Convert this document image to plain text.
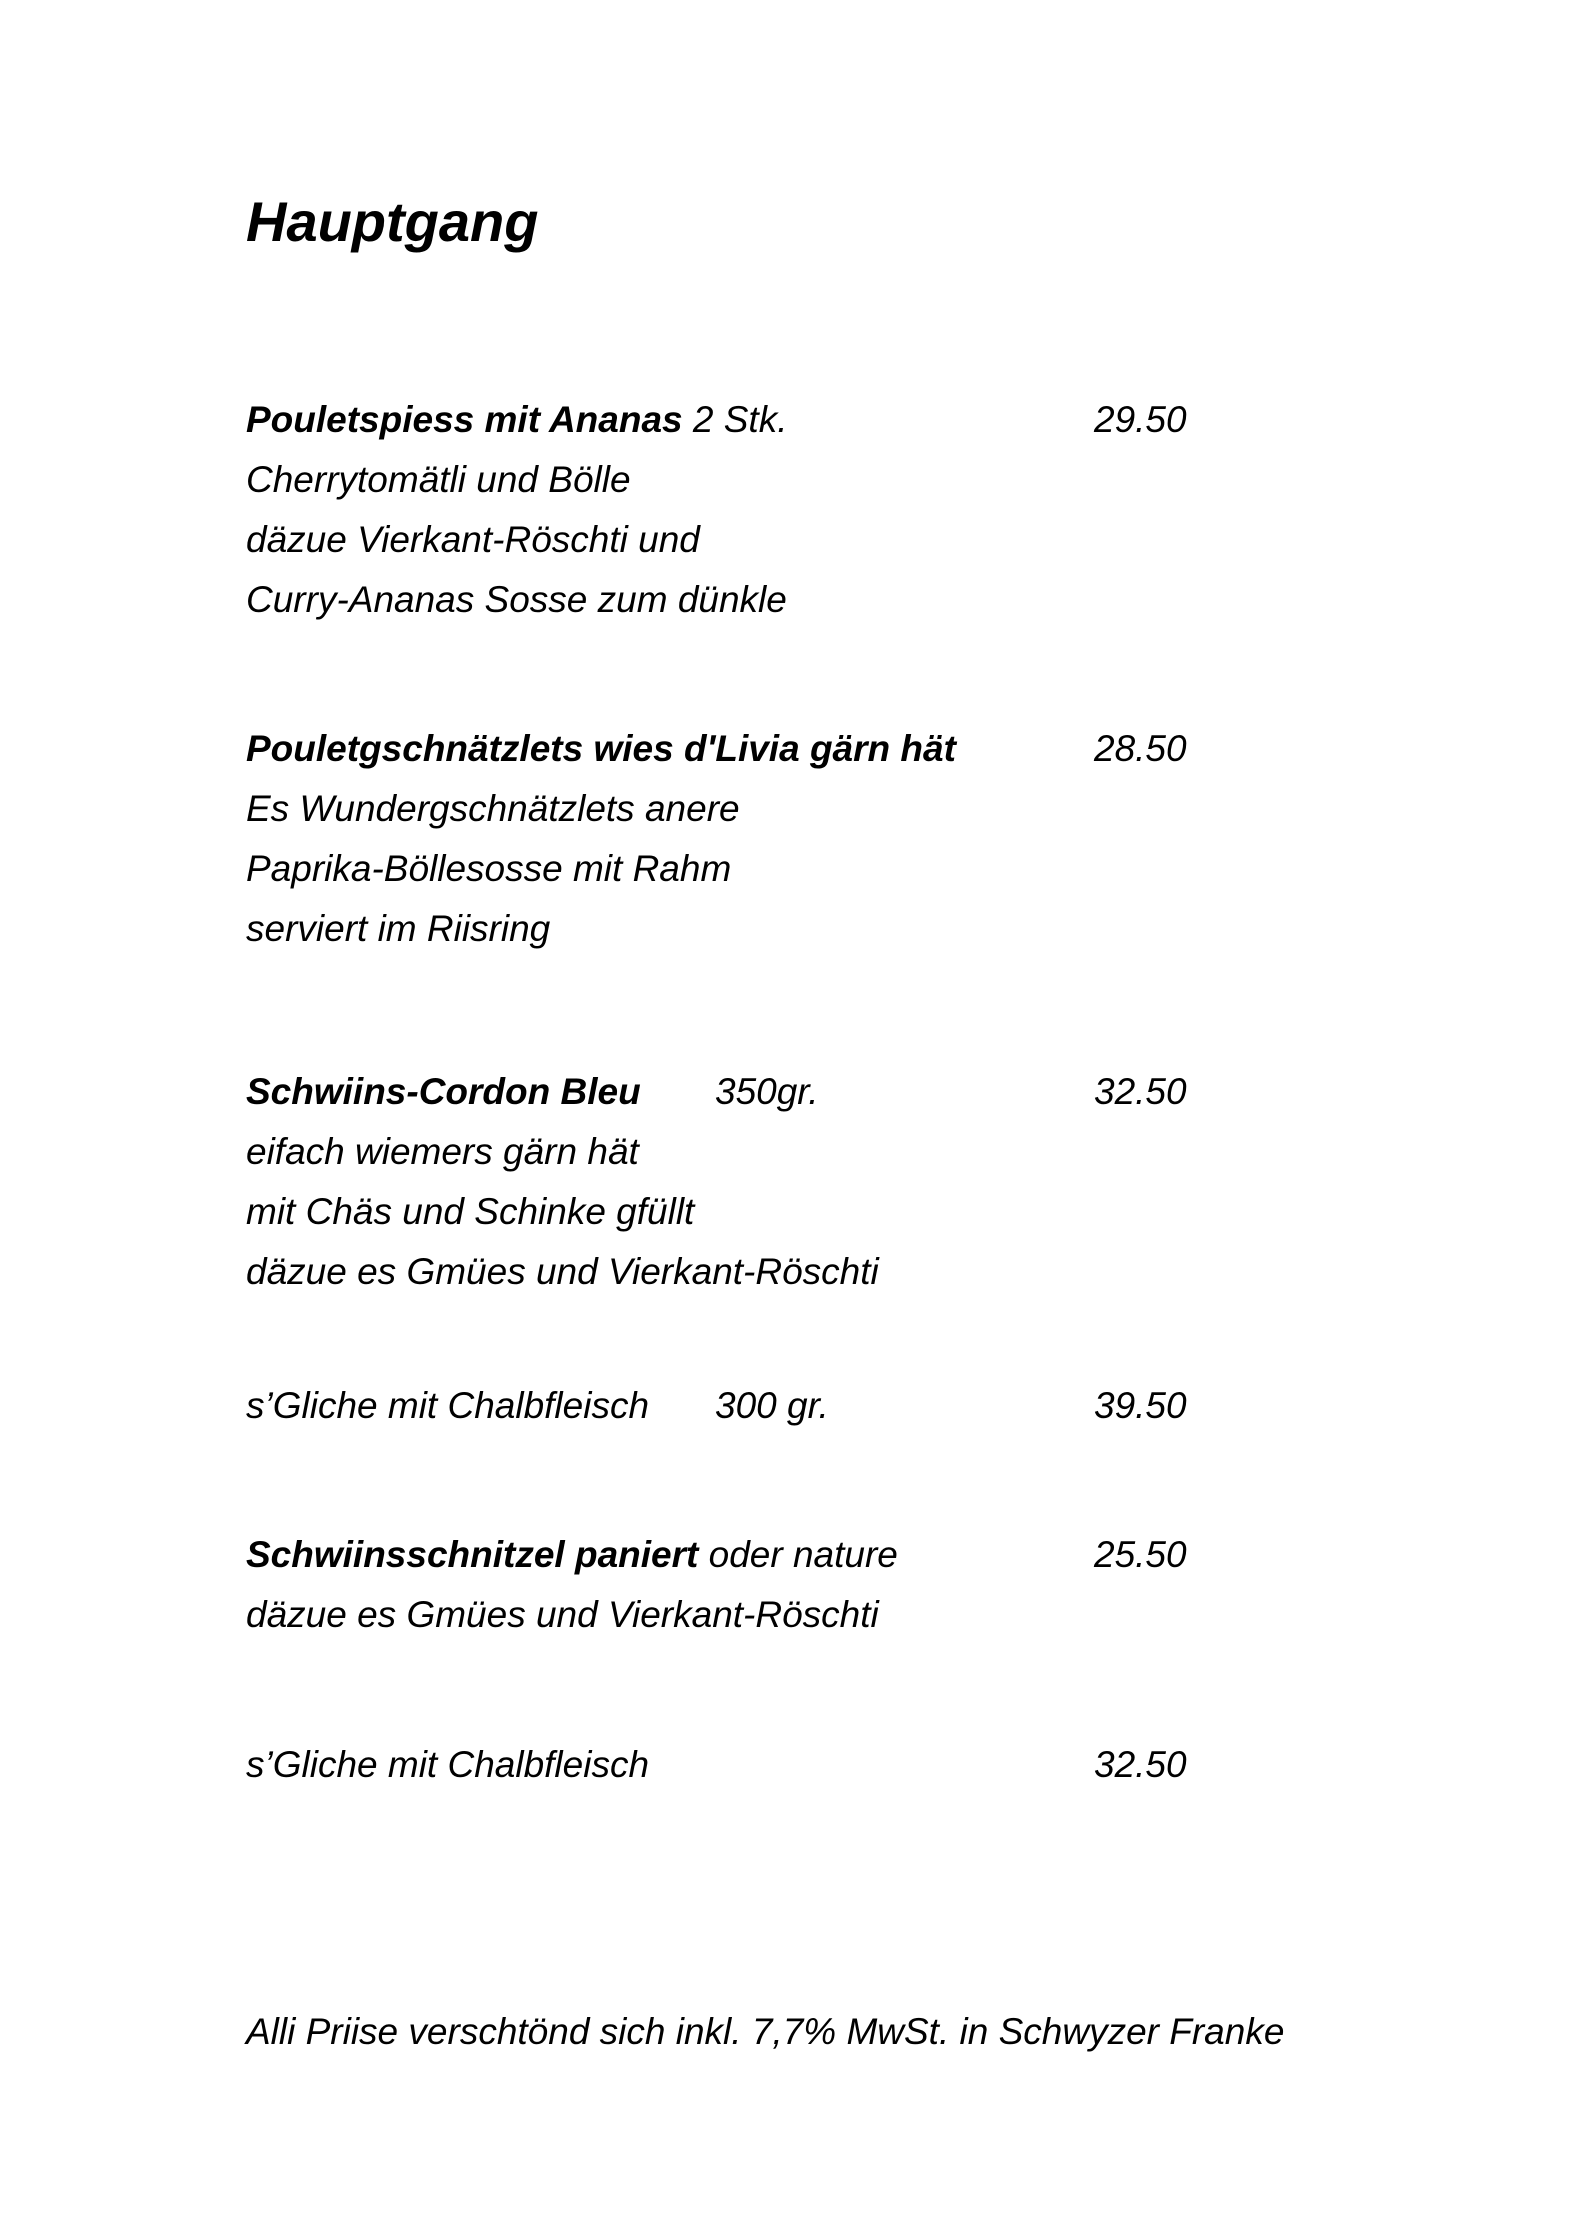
Hauptgang
Pouletspiess mit Ananas 2 Stk.	29.50
Cherrytomätli und Bölle
däzue Vierkant-Röschti und
Curry-Ananas Sosse zum dünkle
Pouletgschnätzlets wies d'Livia gärn hät	28.50
Es Wundergschnätzlets anere
Paprika-Böllesosse mit Rahm
serviert im Riisring
Schwiins-Cordon Bleu 350gr.	32.50
eifach wiemers gärn hät
mit Chäs und Schinke gfüllt
däzue es Gmües und Vierkant-Röschti
s’Gliche mit Chalbfleisch 300 gr.	39.50
Schwiinsschnitzel paniert oder nature	25.50
däzue es Gmües und Vierkant-Röschti
s’Gliche mit Chalbfleisch	32.50
Alli Priise verschtönd sich inkl. 7,7% MwSt. in Schwyzer Franke
